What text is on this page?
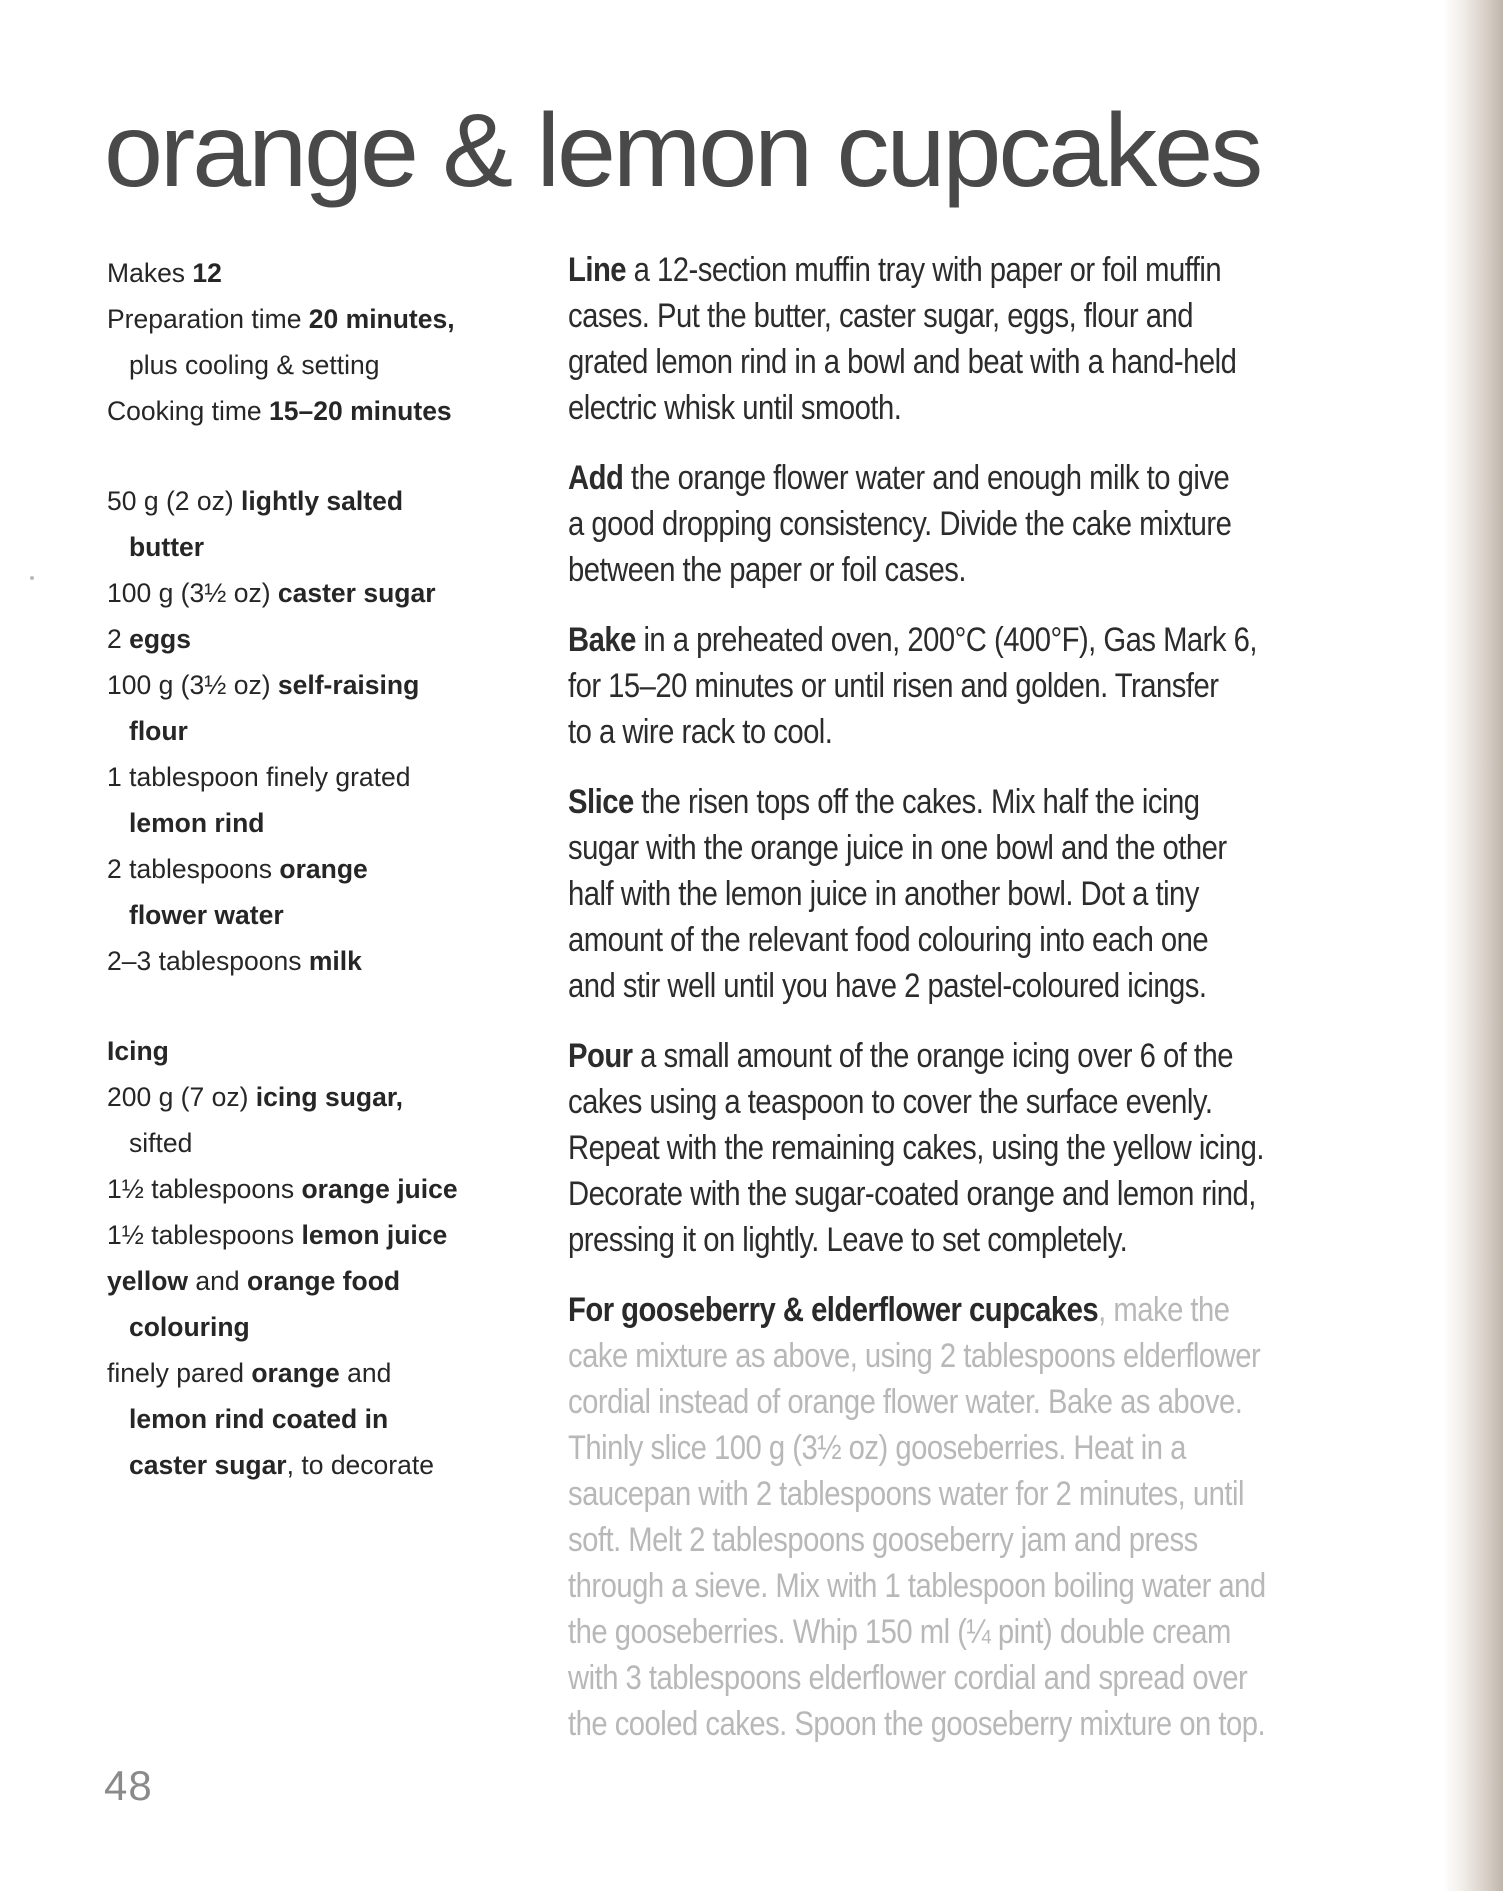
orange & lemon cupcakes
Makes 12
Preparation time 20 minutes,
plus cooling & setting
Cooking time 15–20 minutes
50 g (2 oz) lightly salted
butter
100 g (3½ oz) caster sugar
2 eggs
100 g (3½ oz) self-raising
flour
1 tablespoon finely grated
lemon rind
2 tablespoons orange
flower water
2–3 tablespoons milk
Icing
200 g (7 oz) icing sugar,
sifted
1½ tablespoons orange juice
1½ tablespoons lemon juice
yellow and orange food
colouring
finely pared orange and
lemon rind coated in
caster sugar, to decorate
Line a 12-section muffin tray with paper or foil muffin
cases. Put the butter, caster sugar, eggs, flour and
grated lemon rind in a bowl and beat with a hand-held
electric whisk until smooth.
Add the orange flower water and enough milk to give
a good dropping consistency. Divide the cake mixture
between the paper or foil cases.
Bake in a preheated oven, 200°C (400°F), Gas Mark 6,
for 15–20 minutes or until risen and golden. Transfer
to a wire rack to cool.
Slice the risen tops off the cakes. Mix half the icing
sugar with the orange juice in one bowl and the other
half with the lemon juice in another bowl. Dot a tiny
amount of the relevant food colouring into each one
and stir well until you have 2 pastel-coloured icings.
Pour a small amount of the orange icing over 6 of the
cakes using a teaspoon to cover the surface evenly.
Repeat with the remaining cakes, using the yellow icing.
Decorate with the sugar-coated orange and lemon rind,
pressing it on lightly. Leave to set completely.
For gooseberry & elderflower cupcakes, make the
cake mixture as above, using 2 tablespoons elderflower
cordial instead of orange flower water. Bake as above.
Thinly slice 100 g (3½ oz) gooseberries. Heat in a
saucepan with 2 tablespoons water for 2 minutes, until
soft. Melt 2 tablespoons gooseberry jam and press
through a sieve. Mix with 1 tablespoon boiling water and
the gooseberries. Whip 150 ml (¼ pint) double cream
with 3 tablespoons elderflower cordial and spread over
the cooled cakes. Spoon the gooseberry mixture on top.
48
